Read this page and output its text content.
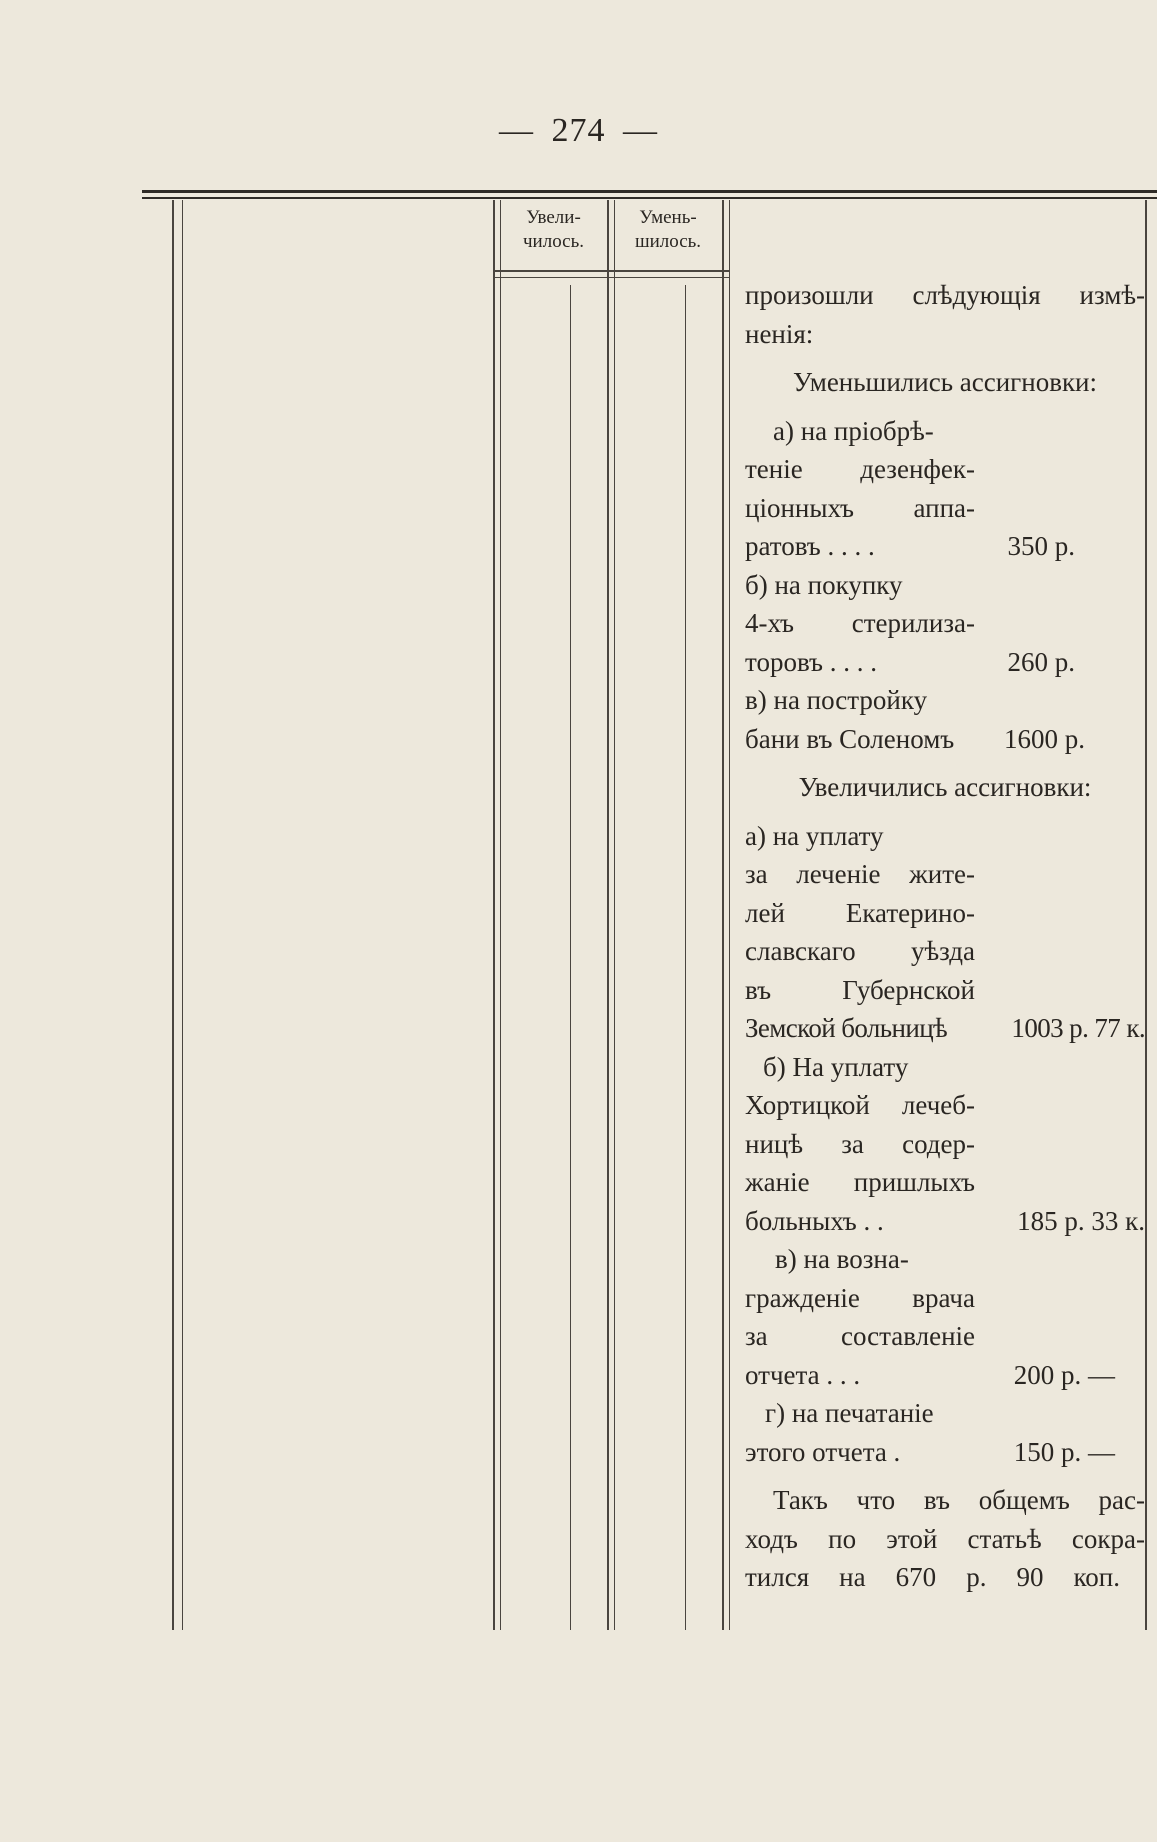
— 274 —
Увели-
чилось.
Умень-
шилось.

произошли слѣдующія измѣ-

ненія:

Уменьшились ассигновки:

а) на пріобрѣ-

теніе дезенфек-

ціонныхъ аппа-

ратовъ . . . .	350 р.

б) на покупку

4-хъ стерилиза-

торовъ . . . .	260 р.

в) на постройку

бани въ Соленомъ 1600 р.

Увеличились ассигновки:

а) на уплату

за леченіе жите-

лей Екатерино-

славскаго уѣзда

въ Губернской

Земской больницѣ 1003 р. 77 к.

б) На уплату

Хортицкой лечеб-

ницѣ за содер-

жаніе пришлыхъ

больныхъ . .	185 р. 33 к.

в) на возна-

гражденіе врача

за составленіе

отчета . . .	200 р. —

г) на печатаніе

этого отчета .	150 р. —

Такъ что въ общемъ рас-

ходъ по этой статьѣ сокра-

тился на 670 р. 90 коп.
